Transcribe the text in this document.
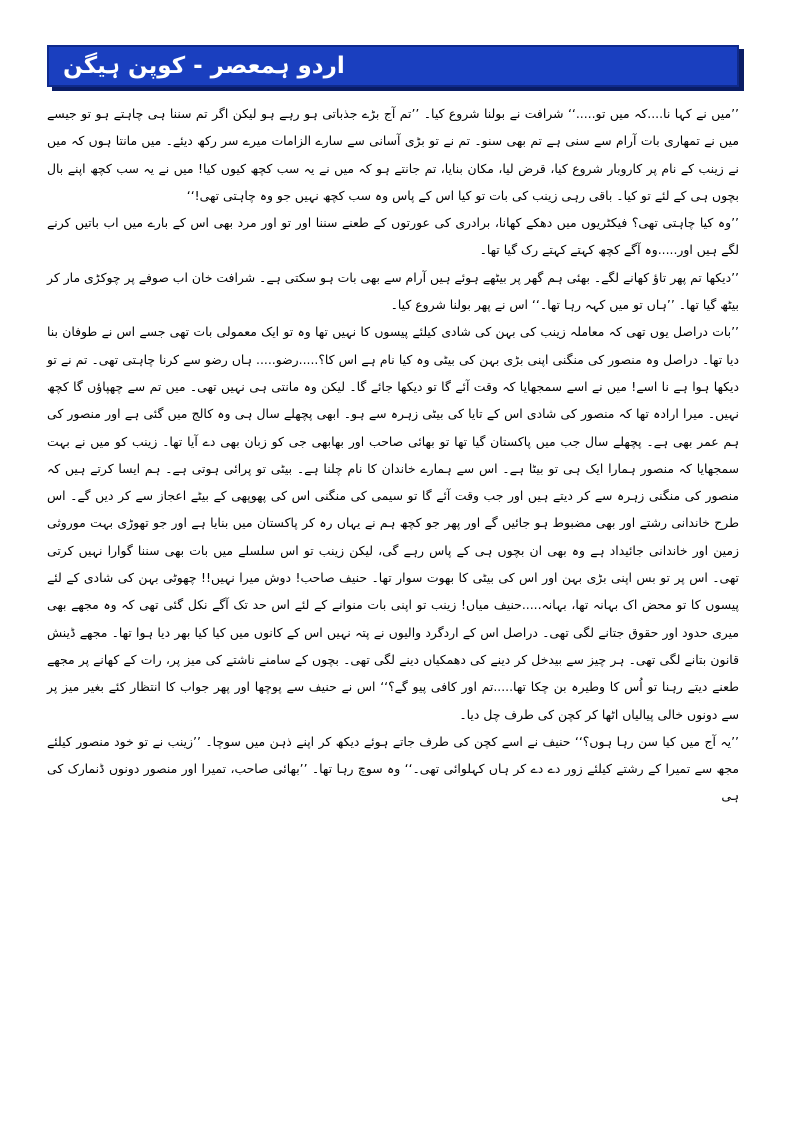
اردو ہمعصر - کوپن ہیگن

’’میں نے کہا نا....کہ میں تو.....‘‘ شرافت نے بولنا شروع کیا۔ ’’تم آج بڑے جذباتی ہو رہے ہو لیکن اگر تم سننا ہی چاہتے ہو تو جیسے میں نے تمھاری بات آرام سے سنی ہے تم بھی سنو۔ تم نے تو بڑی آسانی سے سارے الزامات میرے سر رکھ دیئے۔ میں مانتا ہوں کہ میں نے زینب کے نام پر کاروبار شروع کیا، قرض لیا، مکان بنایا، تم جانتے ہو کہ میں نے یہ سب کچھ کیوں کیا! میں نے یہ سب کچھ اپنے بال بچوں ہی کے لئے تو کیا۔ باقی رہی زینب کی بات تو کیا اس کے پاس وہ سب کچھ نہیں جو وہ چاہتی تھی!‘‘

’’وہ کیا چاہتی تھی؟ فیکٹریوں میں دھکے کھانا، برادری کی عورتوں کے طعنے سننا اور تو اور مرد بھی اس کے بارے میں اب باتیں کرنے لگے ہیں اور.....وہ آگے کچھ کہتے کہتے رک گیا تھا۔

’’دیکھا تم پھر تاؤ کھانے لگے۔ بھئی ہم گھر پر بیٹھے ہوئے ہیں آرام سے بھی بات ہو سکتی ہے۔ شرافت خان اب صوفے پر چوکڑی مار کر بیٹھ گیا تھا۔ ’’ہاں تو میں کہہ رہا تھا۔‘‘ اس نے پھر بولنا شروع کیا۔

’’بات دراصل یوں تھی کہ معاملہ زینب کی بہن کی شادی کیلئے پیسوں کا نہیں تھا وہ تو ایک معمولی بات تھی جسے اس نے طوفان بنا دیا تھا۔ دراصل وہ منصور کی منگنی اپنی بڑی بہن کی بیٹی وہ کیا نام ہے اس کا؟.....رضو..... ہاں رضو سے کرنا چاہتی تھی۔ تم نے تو دیکھا ہوا ہے نا اسے! میں نے اسے سمجھایا کہ وقت آئے گا تو دیکھا جائے گا۔ لیکن وہ مانتی ہی نہیں تھی۔ میں تم سے چھپاؤں گا کچھ نہیں۔ میرا ارادہ تھا کہ منصور کی شادی اس کے تایا کی بیٹی زہرہ سے ہو۔ ابھی پچھلے سال ہی وہ کالج میں گئی ہے اور منصور کی ہم عمر بھی ہے۔ پچھلے سال جب میں پاکستان گیا تھا تو بھائی صاحب اور بھابھی جی کو زبان بھی دے آیا تھا۔ زینب کو میں نے بہت سمجھایا کہ منصور ہمارا ایک ہی تو بیٹا ہے۔ اس سے ہمارے خاندان کا نام چلنا ہے۔ بیٹی تو پرائی ہوتی ہے۔ ہم ایسا کرتے ہیں کہ منصور کی منگنی زہرہ سے کر دیتے ہیں اور جب وقت آئے گا تو سیمی کی منگنی اس کی پھوپھی کے بیٹے اعجاز سے کر دیں گے۔ اس طرح خاندانی رشتے اور بھی مضبوط ہو جائیں گے اور پھر جو کچھ ہم نے یہاں رہ کر پاکستان میں بنایا ہے اور جو تھوڑی بہت موروثی زمین اور خاندانی جائیداد ہے وہ بھی ان بچوں ہی کے پاس رہے گی، لیکن زینب تو اس سلسلے میں بات بھی سننا گوارا نہیں کرتی تھی۔ اس پر تو بس اپنی بڑی بہن اور اس کی بیٹی کا بھوت سوار تھا۔ حنیف صاحب! دوش میرا نہیں!! چھوٹی بہن کی شادی کے لئے پیسوں کا تو محض اک بہانہ تھا، بہانہ.....حنیف میاں! زینب تو اپنی بات منوانے کے لئے اس حد تک آگے نکل گئی تھی کہ وہ مجھے بھی میری حدود اور حقوق جتانے لگی تھی۔ دراصل اس کے اردگرد والیوں نے پتہ نہیں اس کے کانوں میں کیا کیا بھر دیا ہوا تھا۔ مجھے ڈینش قانون بتانے لگی تھی۔ ہر چیز سے بیدخل کر دینے کی دھمکیاں دینے لگی تھی۔ بچوں کے سامنے ناشتے کی میز پر، رات کے کھانے پر مجھے طعنے دیتے رہنا تو اُس کا وطیرہ بن چکا تھا.....تم اور کافی پیو گے؟‘‘ اس نے حنیف سے پوچھا اور پھر جواب کا انتظار کئے بغیر میز پر سے دونوں خالی پیالیاں اٹھا کر کچن کی طرف چل دیا۔

’’یہ آج میں کیا سن رہا ہوں؟‘‘ حنیف نے اسے کچن کی طرف جاتے ہوئے دیکھ کر اپنے ذہن میں سوچا۔ ’’زینب نے تو خود منصور کیلئے مجھ سے تمیرا کے رشتے کیلئے زور دے دے کر ہاں کہلوائی تھی۔‘‘ وہ سوچ رہا تھا۔ ’’بھائی صاحب، تمیرا اور منصور دونوں ڈنمارک کی ہی
